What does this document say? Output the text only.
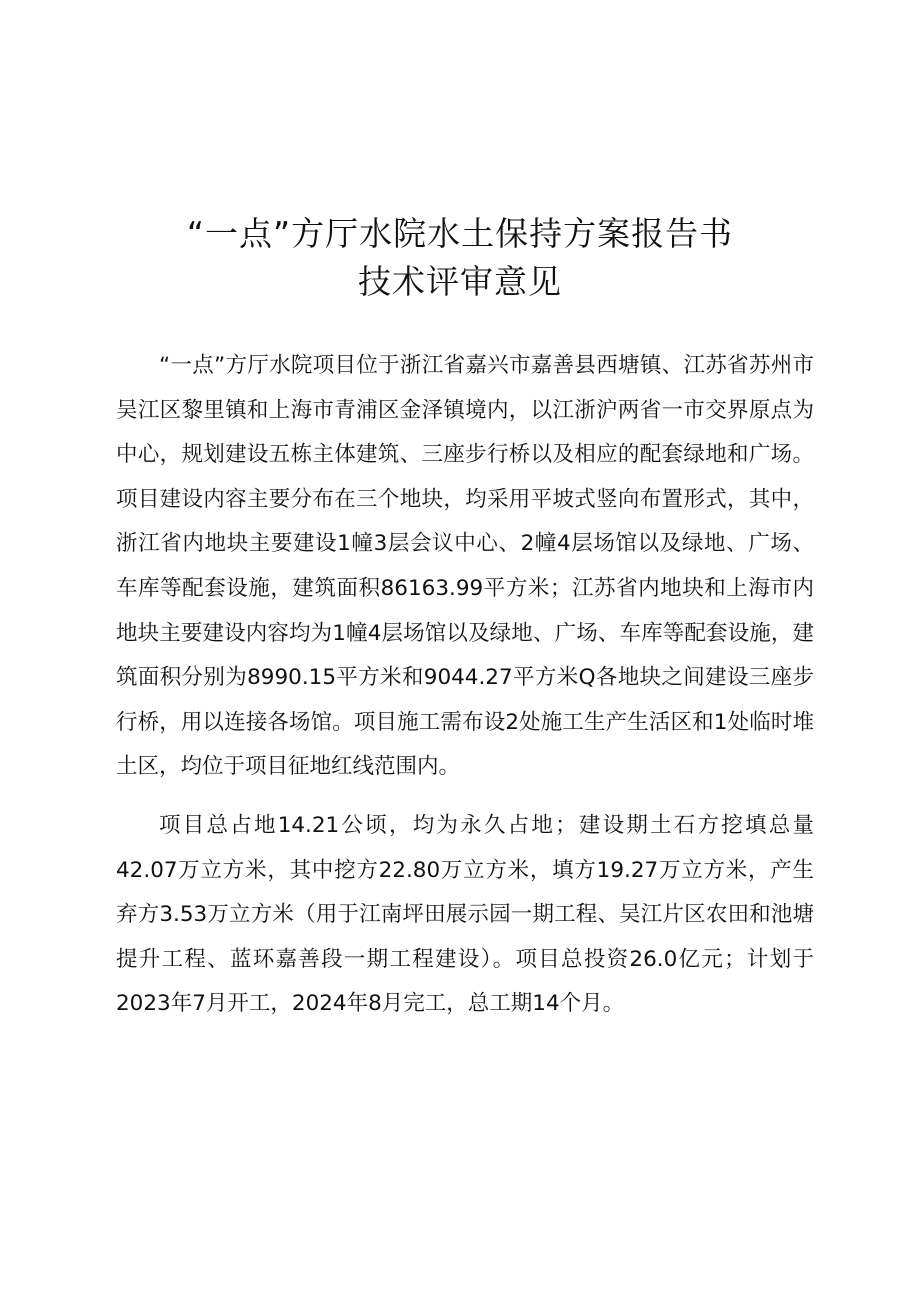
“一点”方厅水院水土保持方案报告书
技术评审意见

“一点”方厅水院项目位于浙江省嘉兴市嘉善县西塘镇、江苏省苏州市吴江区黎里镇和上海市青浦区金泽镇境内，以江浙沪两省一市交界原点为中心，规划建设五栋主体建筑、三座步行桥以及相应的配套绿地和广场。项目建设内容主要分布在三个地块，均采用平坡式竖向布置形式，其中，浙江省内地块主要建设1幢3层会议中心、2幢4层场馆以及绿地、广场、车库等配套设施，建筑面积86163.99平方米；江苏省内地块和上海市内地块主要建设内容均为1幢4层场馆以及绿地、广场、车库等配套设施，建筑面积分别为8990.15平方米和9044.27平方米Q各地块之间建设三座步行桥，用以连接各场馆。项目施工需布设2处施工生产生活区和1处临时堆土区，均位于项目征地红线范围内。

项目总占地14.21公顷，均为永久占地；建设期土石方挖填总量42.07万立方米，其中挖方22.80万立方米，填方19.27万立方米，产生弃方3.53万立方米（用于江南坪田展示园一期工程、吴江片区农田和池塘提升工程、蓝环嘉善段一期工程建设）。项目总投资26.0亿元；计划于2023年7月开工，2024年8月完工，总工期14个月。
